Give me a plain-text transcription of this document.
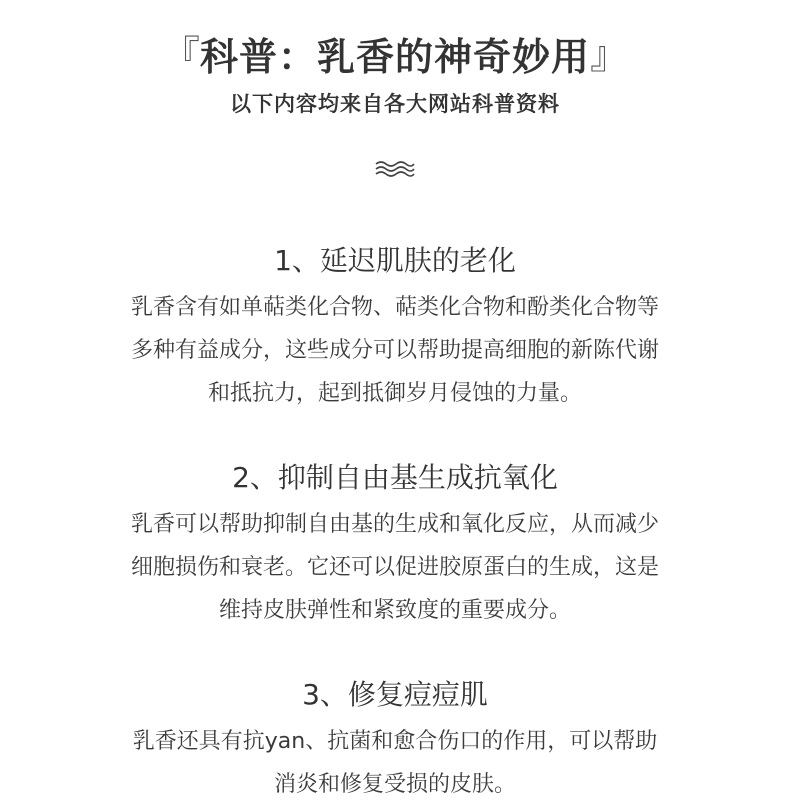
『科普：乳香的神奇妙用』
以下内容均来自各大网站科普资料
1、延迟肌肤的老化
乳香含有如单萜类化合物、萜类化合物和酚类化合物等
多种有益成分，这些成分可以帮助提高细胞的新陈代谢
和抵抗力，起到抵御岁月侵蚀的力量。
2、抑制自由基生成抗氧化
乳香可以帮助抑制自由基的生成和氧化反应，从而减少
细胞损伤和衰老。它还可以促进胶原蛋白的生成，这是
维持皮肤弹性和紧致度的重要成分。
3、修复痘痘肌
乳香还具有抗yan、抗菌和愈合伤口的作用，可以帮助
消炎和修复受损的皮肤。
